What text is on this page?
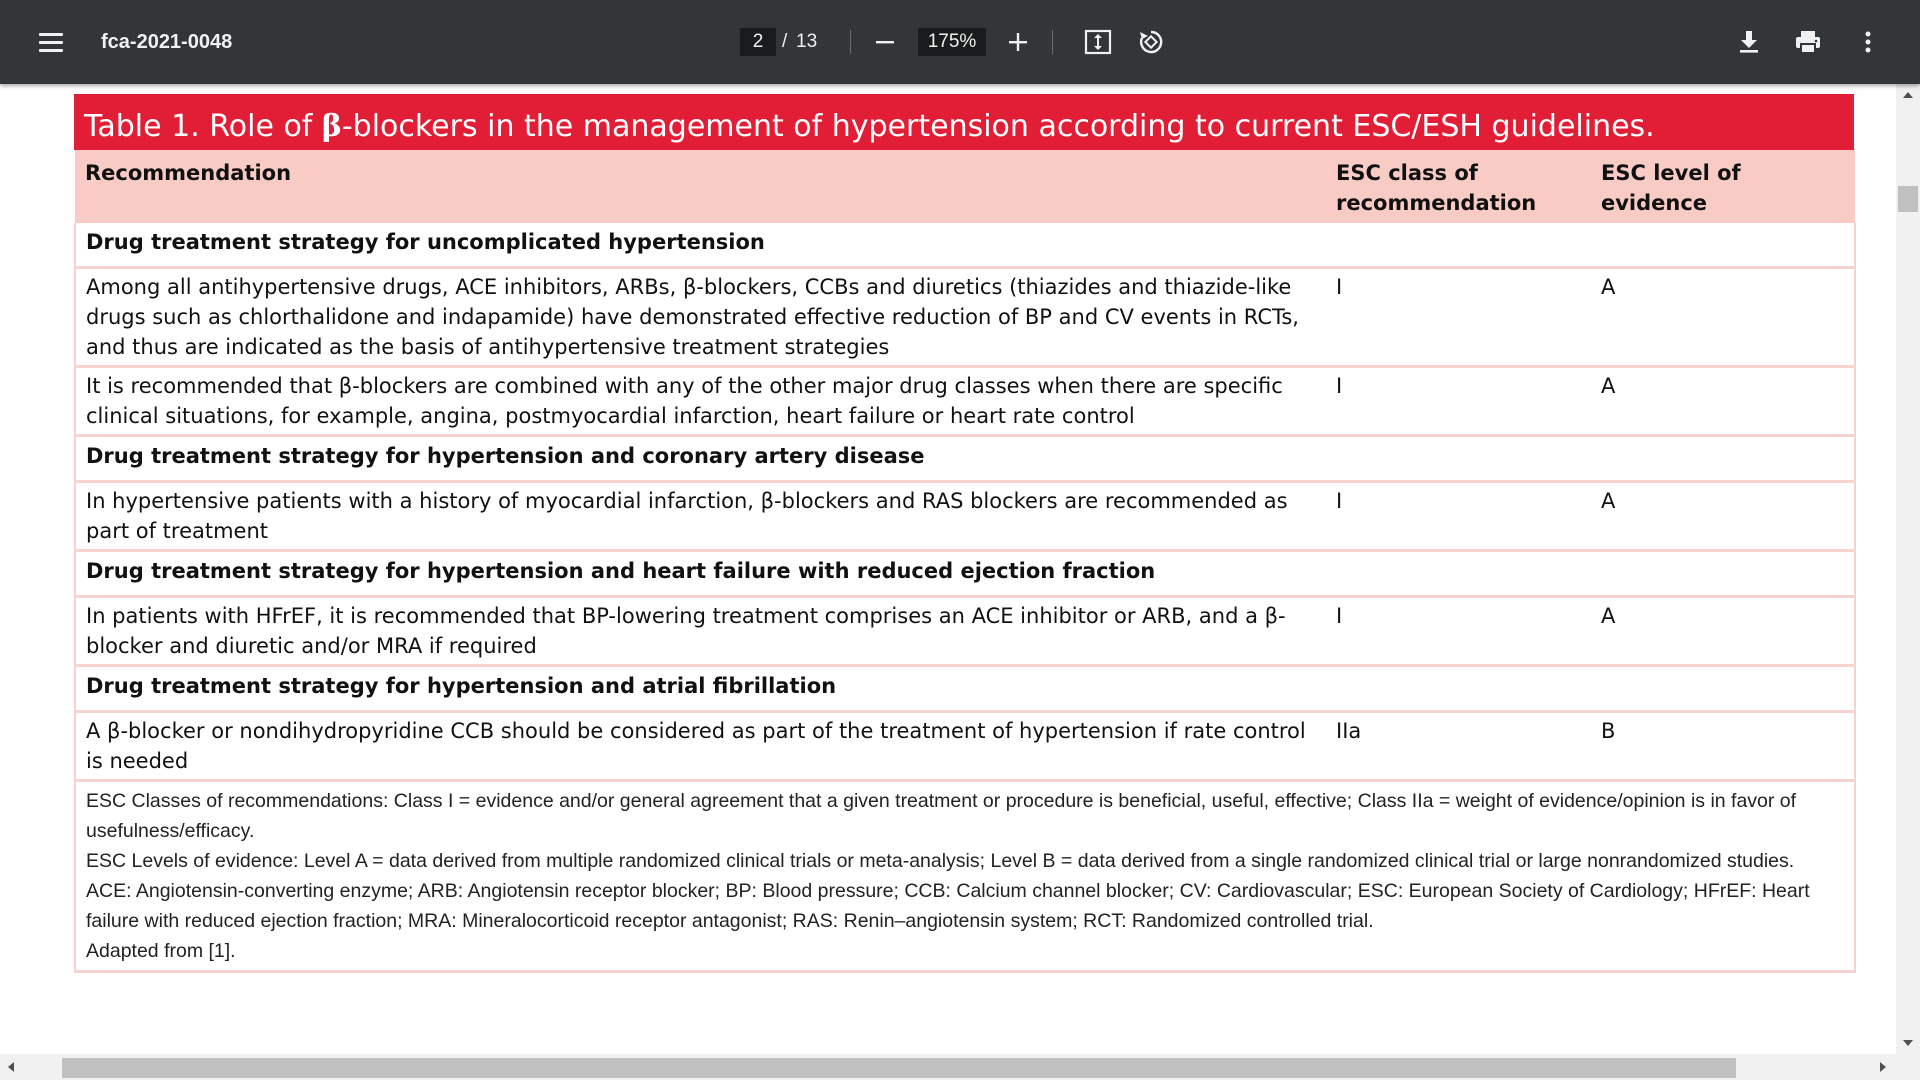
fca-2021-0048
2	/ 13	175%
Table 1. Role of β-blockers in the management of hypertension according to current ESC/ESH guidelines.
Recommendation	ESC class of recommendation	ESC level of evidence
Drug treatment strategy for uncomplicated hypertension		
Among all antihypertensive drugs, ACE inhibitors, ARBs, β-blockers, CCBs and diuretics (thiazides and thiazide-like drugs such as chlorthalidone and indapamide) have demonstrated effective reduction of BP and CV events in RCTs, and thus are indicated as the basis of antihypertensive treatment strategies	I	A
It is recommended that β-blockers are combined with any of the other major drug classes when there are specific clinical situations, for example, angina, postmyocardial infarction, heart failure or heart rate control	I	A
Drug treatment strategy for hypertension and coronary artery disease		
In hypertensive patients with a history of myocardial infarction, β-blockers and RAS blockers are recommended as part of treatment	I	A
Drug treatment strategy for hypertension and heart failure with reduced ejection fraction		
In patients with HFrEF, it is recommended that BP-lowering treatment comprises an ACE inhibitor or ARB, and a β-blocker and diuretic and/or MRA if required	I	A
Drug treatment strategy for hypertension and atrial fibrillation		
A β-blocker or nondihydropyridine CCB should be considered as part of the treatment of hypertension if rate control is needed	IIa	B

ESC Classes of recommendations: Class I = evidence and/or general agreement that a given treatment or procedure is beneficial, useful, effective; Class IIa = weight of evidence/opinion is in favor of usefulness/efficacy.
ESC Levels of evidence: Level A = data derived from multiple randomized clinical trials or meta-analysis; Level B = data derived from a single randomized clinical trial or large nonrandomized studies.
ACE: Angiotensin-converting enzyme; ARB: Angiotensin receptor blocker; BP: Blood pressure; CCB: Calcium channel blocker; CV: Cardiovascular; ESC: European Society of Cardiology; HFrEF: Heart failure with reduced ejection fraction; MRA: Mineralocorticoid receptor antagonist; RAS: Renin–angiotensin system; RCT: Randomized controlled trial.
Adapted from [1].		
